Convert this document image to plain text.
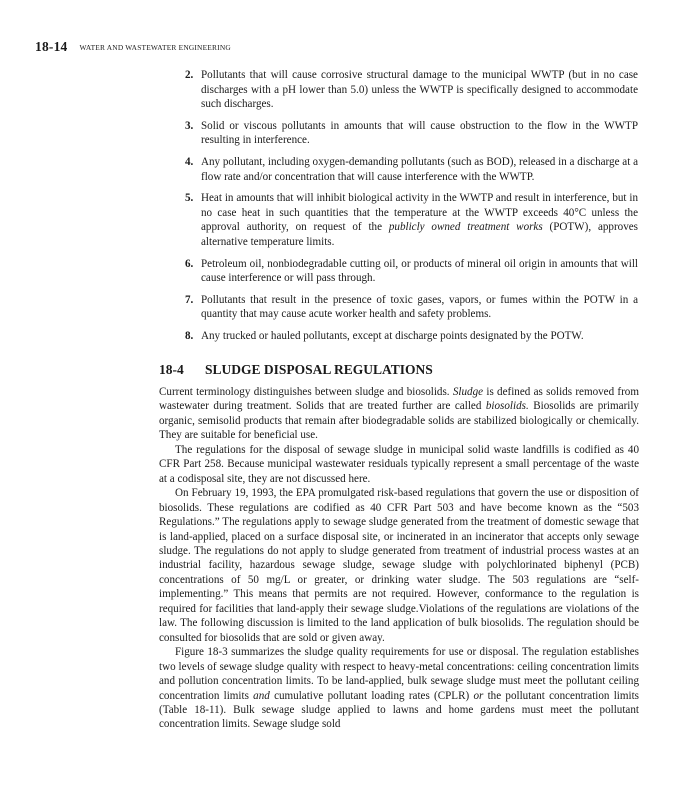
18-14 WATER AND WASTEWATER ENGINEERING
2. Pollutants that will cause corrosive structural damage to the municipal WWTP (but in no case discharges with a pH lower than 5.0) unless the WWTP is specifically designed to accommodate such discharges.
3. Solid or viscous pollutants in amounts that will cause obstruction to the flow in the WWTP resulting in interference.
4. Any pollutant, including oxygen-demanding pollutants (such as BOD), released in a discharge at a flow rate and/or concentration that will cause interference with the WWTP.
5. Heat in amounts that will inhibit biological activity in the WWTP and result in interference, but in no case heat in such quantities that the temperature at the WWTP exceeds 40°C unless the approval authority, on request of the publicly owned treatment works (POTW), approves alternative temperature limits.
6. Petroleum oil, nonbiodegradable cutting oil, or products of mineral oil origin in amounts that will cause interference or will pass through.
7. Pollutants that result in the presence of toxic gases, vapors, or fumes within the POTW in a quantity that may cause acute worker health and safety problems.
8. Any trucked or hauled pollutants, except at discharge points designated by the POTW.
18-4 SLUDGE DISPOSAL REGULATIONS

Current terminology distinguishes between sludge and biosolids. Sludge is defined as solids removed from wastewater during treatment. Solids that are treated further are called biosolids. Biosolids are primarily organic, semisolid products that remain after biodegradable solids are stabilized biologically or chemically. They are suitable for beneficial use.

The regulations for the disposal of sewage sludge in municipal solid waste landfills is codified as 40 CFR Part 258. Because municipal wastewater residuals typically represent a small percentage of the waste at a codisposal site, they are not discussed here.

On February 19, 1993, the EPA promulgated risk-based regulations that govern the use or disposition of biosolids. These regulations are codified as 40 CFR Part 503 and have become known as the “503 Regulations.” The regulations apply to sewage sludge generated from the treatment of domestic sewage that is land-applied, placed on a surface disposal site, or incinerated in an incinerator that accepts only sewage sludge. The regulations do not apply to sludge generated from treatment of industrial process wastes at an industrial facility, hazardous sewage sludge, sewage sludge with polychlorinated biphenyl (PCB) concentrations of 50 mg/L or greater, or drinking water sludge. The 503 regulations are “self-implementing.” This means that permits are not required. However, conformance to the regulation is required for facilities that land-apply their sewage sludge.Violations of the regulations are violations of the law. The following discussion is limited to the land application of bulk biosolids. The regulation should be consulted for biosolids that are sold or given away.

Figure 18-3 summarizes the sludge quality requirements for use or disposal. The regulation establishes two levels of sewage sludge quality with respect to heavy-metal concentrations: ceiling concentration limits and pollution concentration limits. To be land-applied, bulk sewage sludge must meet the pollutant ceiling concentration limits and cumulative pollutant loading rates (CPLR) or the pollutant concentration limits (Table 18-11). Bulk sewage sludge applied to lawns and home gardens must meet the pollutant concentration limits. Sewage sludge sold
